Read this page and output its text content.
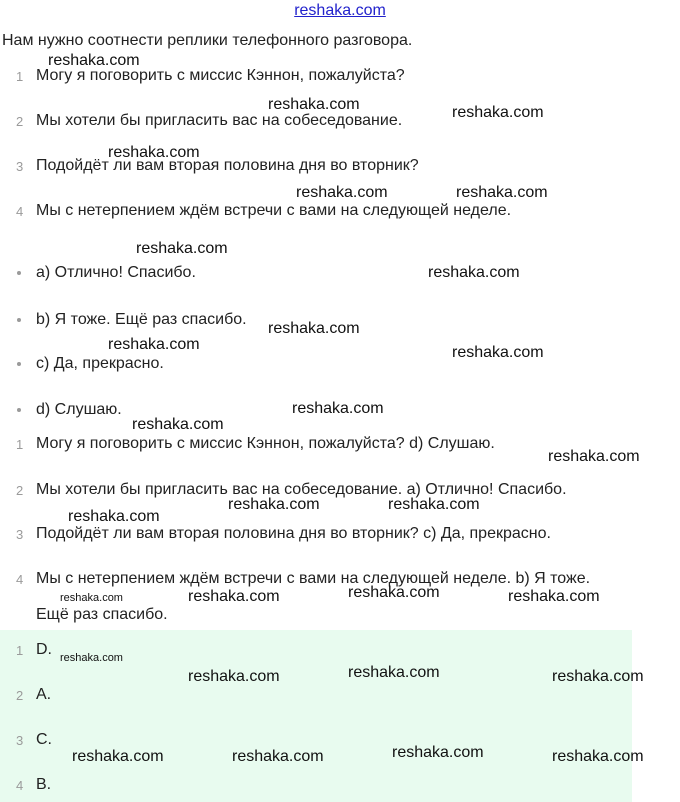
reshaka.com
Нам нужно соотнести реплики телефонного разговора.
1 Могу я поговорить с миссис Кэннон, пожалуйста?
2 Мы хотели бы пригласить вас на собеседование.
3 Подойдёт ли вам вторая половина дня во вторник?
4 Мы с нетерпением ждём встречи с вами на следующей неделе.
a) Отлично! Спасибо.
b) Я тоже. Ещё раз спасибо.
c) Да, прекрасно.
d) Слушаю.
1 Могу я поговорить с миссис Кэннон, пожалуйста? d) Слушаю.
2 Мы хотели бы пригласить вас на собеседование. a) Отлично! Спасибо.
3 Подойдёт ли вам вторая половина дня во вторник? c) Да, прекрасно.
4 Мы с нетерпением ждём встречи с вами на следующей неделе. b) Я тоже.
Ещё раз спасибо.
1 D.
2 A.
3 C.
4 B.
reshaka.com
reshaka.com	reshaka.com
reshaka.com
reshaka.com	reshaka.com
reshaka.com
reshaka.com
reshaka.com
reshaka.com	reshaka.com
reshaka.com
reshaka.com
reshaka.com
reshaka.com	reshaka.com
reshaka.com
reshaka.com	reshaka.com	reshaka.com	reshaka.com
reshaka.com
reshaka.com	reshaka.com	reshaka.com
reshaka.com	reshaka.com	reshaka.com	reshaka.com
